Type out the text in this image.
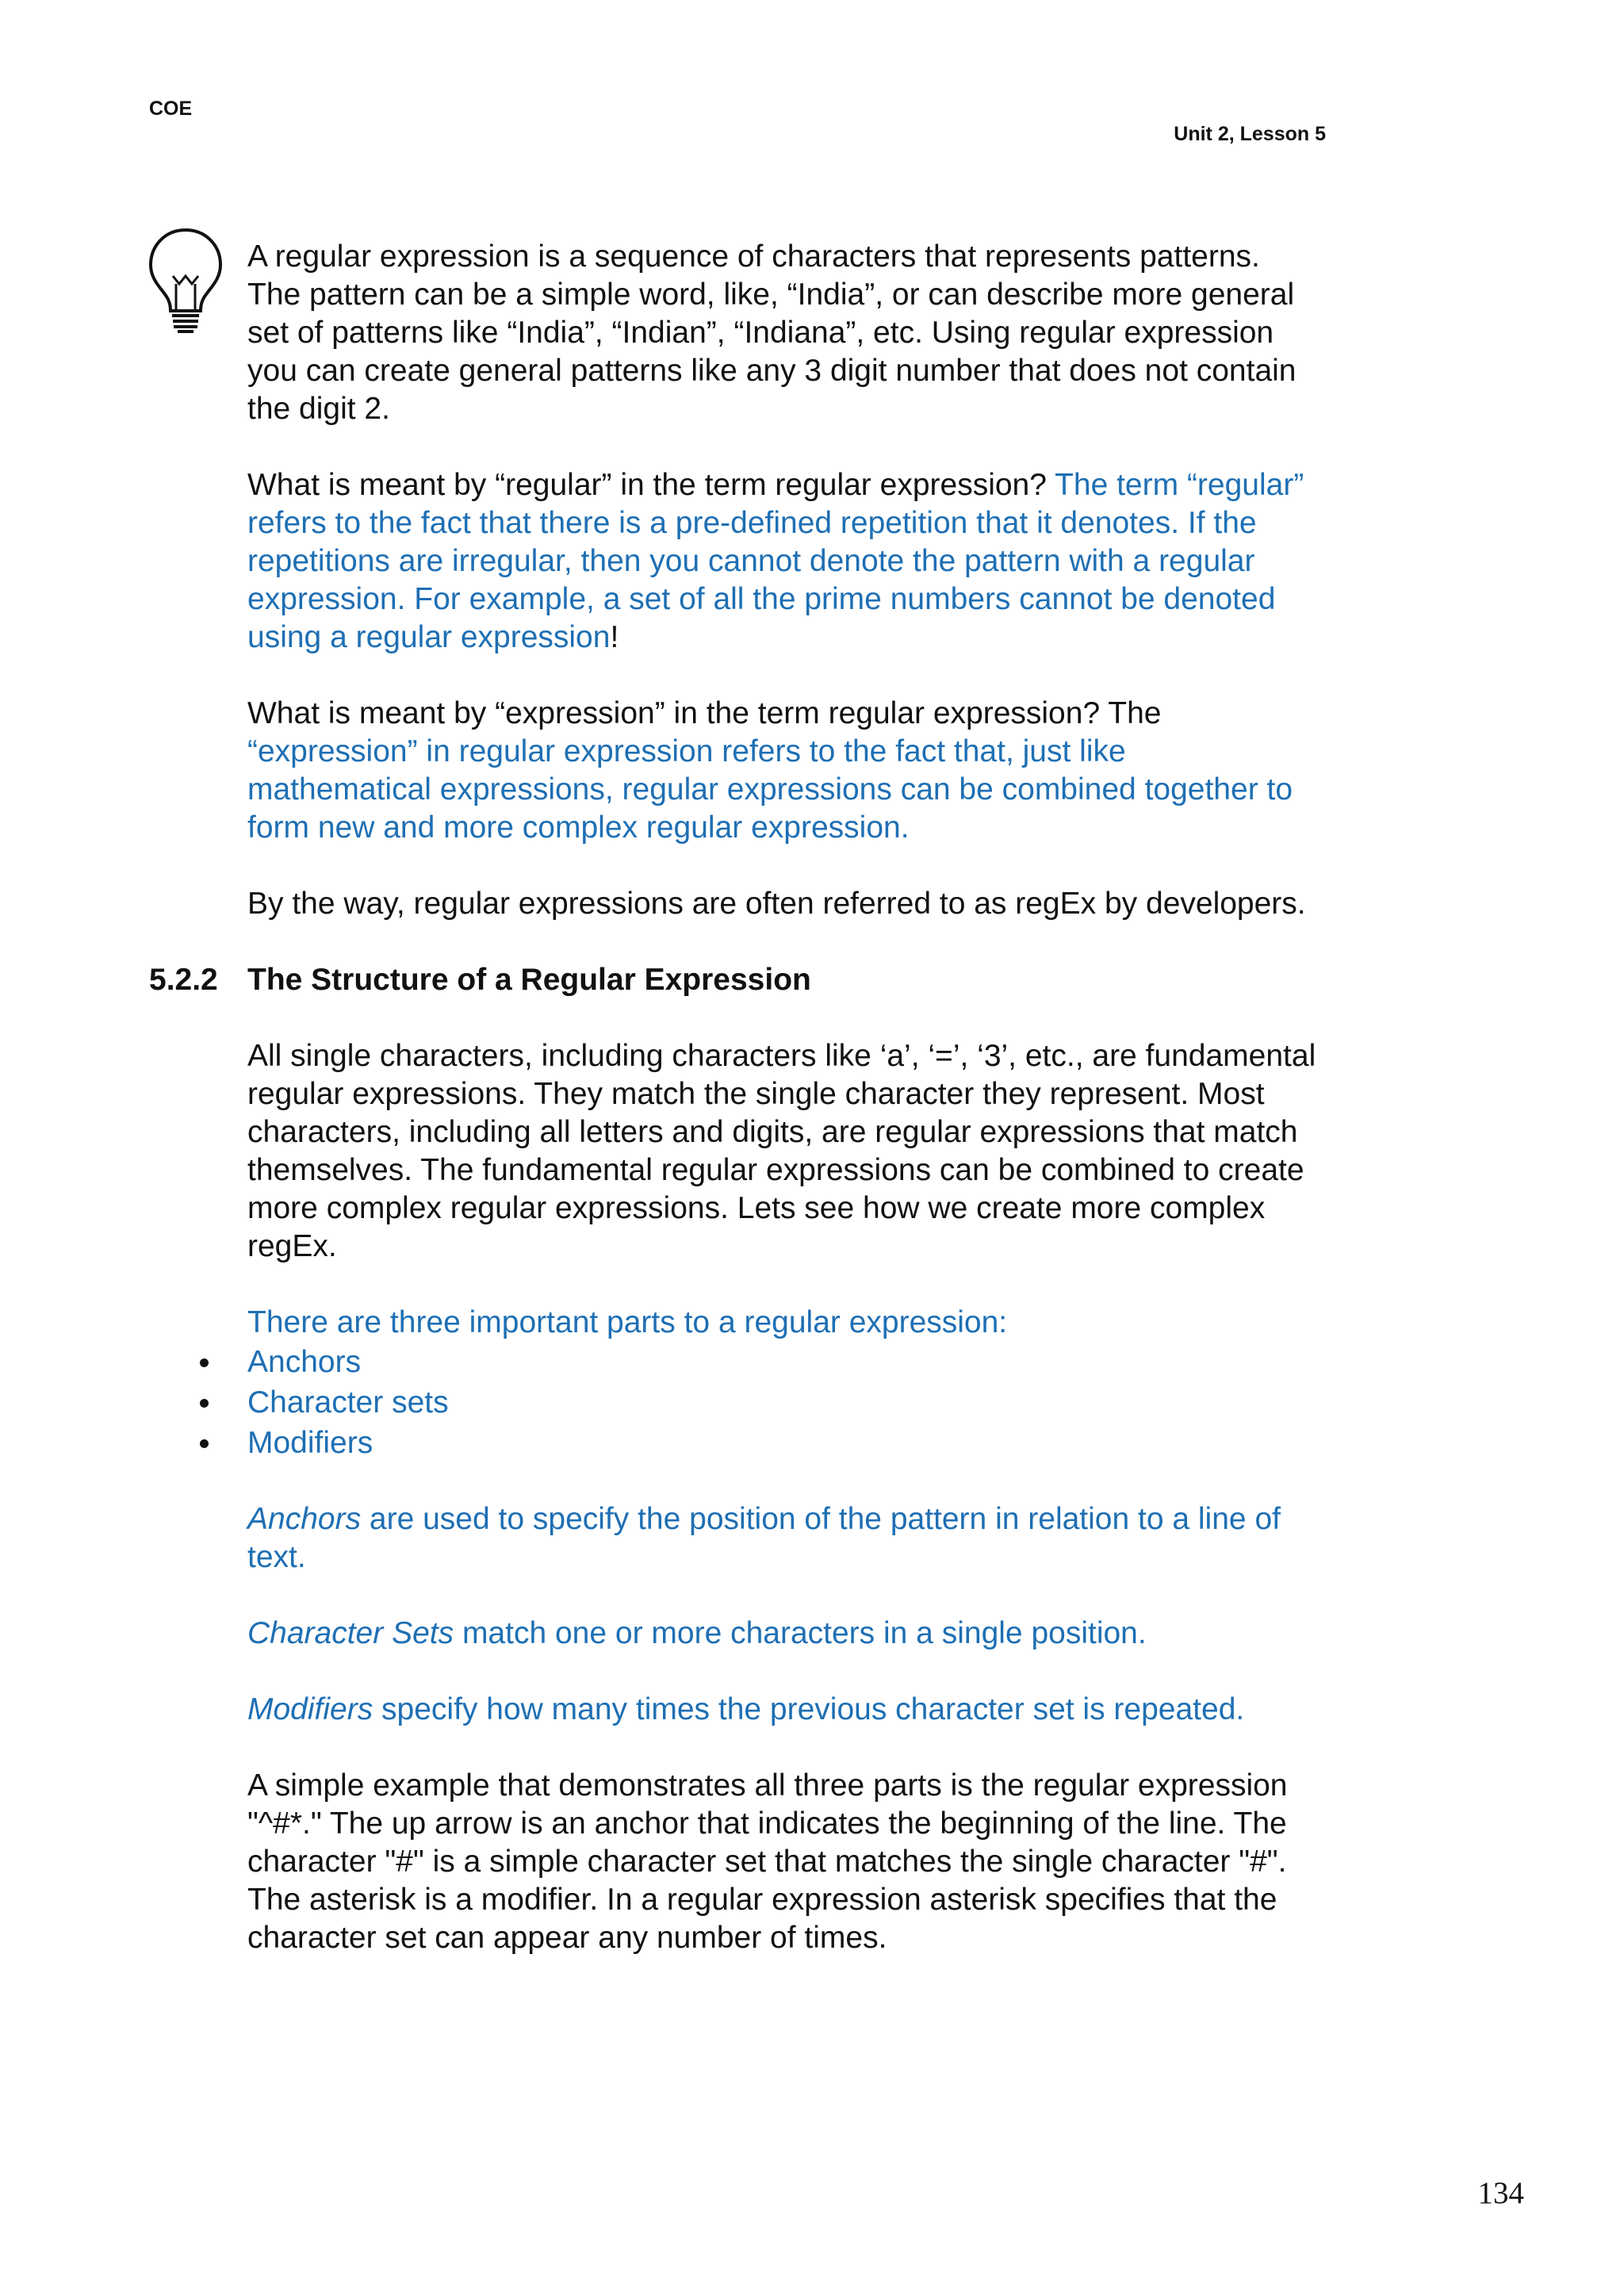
COE
Unit 2, Lesson 5

A regular expression is a sequence of characters that represents patterns.

The pattern can be a simple word, like, “India”, or can describe more general

set of patterns like “India”, “Indian”, “Indiana”, etc. Using regular expression

you can create general patterns like any 3 digit number that does not contain

the digit 2.

What is meant by “regular” in the term regular expression? The term “regular”

refers to the fact that there is a pre-defined repetition that it denotes. If the

repetitions are irregular, then you cannot denote the pattern with a regular

expression. For example, a set of all the prime numbers cannot be denoted

using a regular expression!

What is meant by “expression” in the term regular expression? The

“expression” in regular expression refers to the fact that, just like

mathematical expressions, regular expressions can be combined together to

form new and more complex regular expression.

By the way, regular expressions are often referred to as regEx by developers.

All single characters, including characters like ‘a’, ‘=’, ‘3’, etc., are fundamental

regular expressions. They match the single character they represent. Most

characters, including all letters and digits, are regular expressions that match

themselves. The fundamental regular expressions can be combined to create

more complex regular expressions. Lets see how we create more complex

regEx.

There are three important parts to a regular expression:
Anchors
Character sets
Modifiers

Anchors are used to specify the position of the pattern in relation to a line of

text.

Character Sets match one or more characters in a single position.

Modifiers specify how many times the previous character set is repeated.

A simple example that demonstrates all three parts is the regular expression

"^#*." The up arrow is an anchor that indicates the beginning of the line. The

character "#" is a simple character set that matches the single character "#".

The asterisk is a modifier. In a regular expression asterisk specifies that the

character set can appear any number of times.

5.2.2 The Structure of a Regular Expression
134
